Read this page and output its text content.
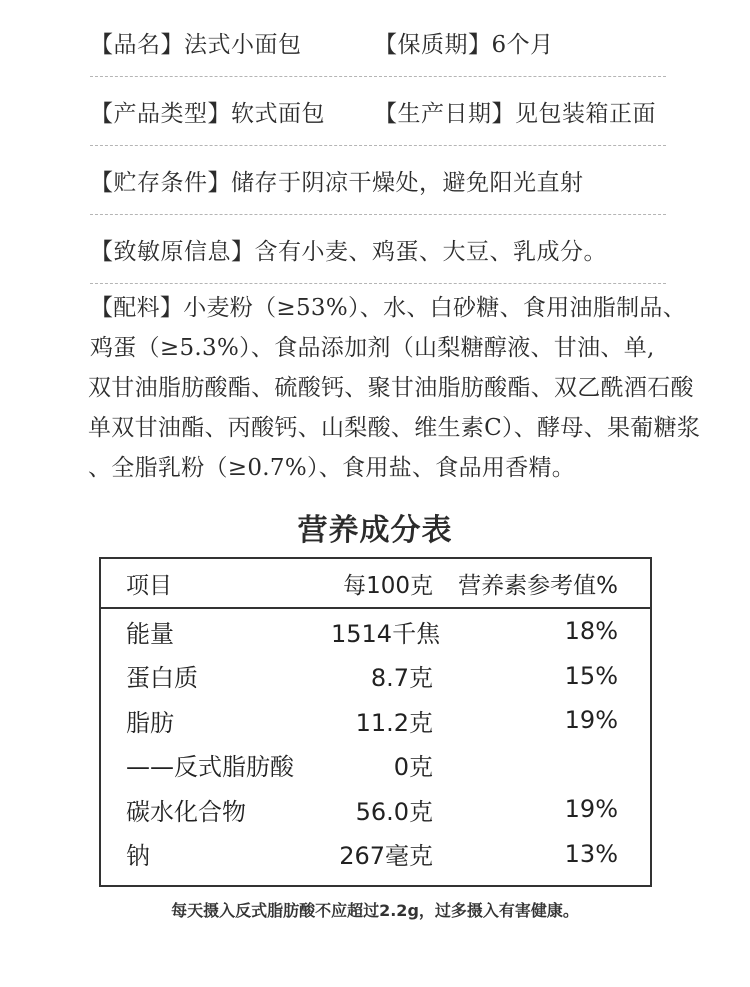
【品名】法式小面包	【保质期】6个月
【产品类型】软式面包	【生产日期】见包装箱正面
【贮存条件】储存于阴凉干燥处，避免阳光直射
【致敏原信息】含有小麦、鸡蛋、大豆、乳成分。
【配料】小麦粉（≥53%）、水、白砂糖、食用油脂制品、
鸡蛋（≥5.3%）、食品添加剂（山梨糖醇液、甘油、单,
双甘油脂肪酸酯、硫酸钙、聚甘油脂肪酸酯、双乙酰酒石酸
单双甘油酯、丙酸钙、山梨酸、维生素C）、酵母、果葡糖浆
、全脂乳粉（≥0.7%）、食用盐、食品用香精。
营养成分表
项目	每100克	营养素参考值%
能量	1514千焦	18%
蛋白质	8.7克	15%
脂肪	11.2克	19%
——反式脂肪酸	0克
碳水化合物	56.0克	19%
钠	267毫克	13%
每天摄入反式脂肪酸不应超过2.2g，过多摄入有害健康。
